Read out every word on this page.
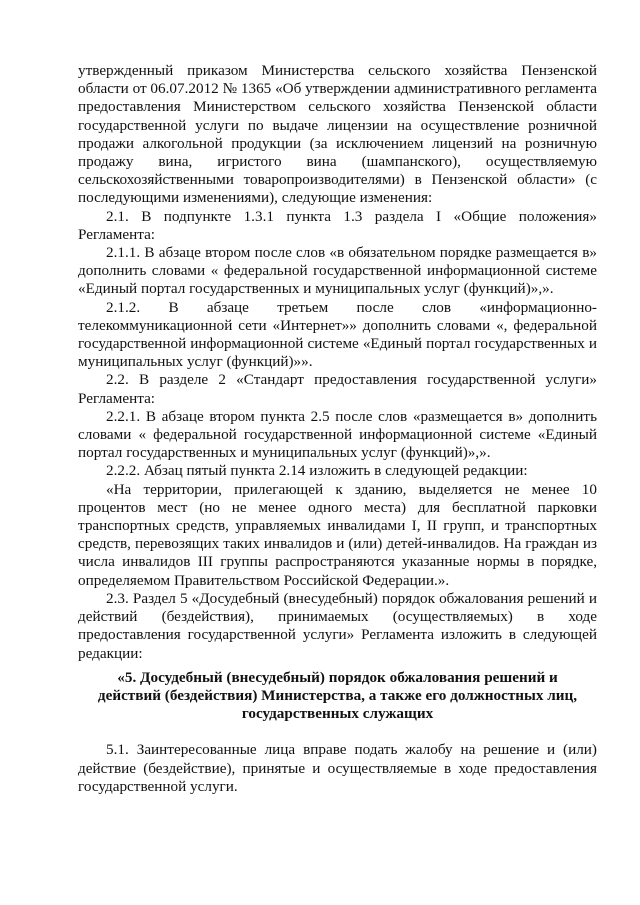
утвержденный приказом Министерства сельского хозяйства Пензенской области от 06.07.2012 № 1365 «Об утверждении административного регламента предоставления Министерством сельского хозяйства Пензенской области государственной услуги по выдаче лицензии на осуществление розничной продажи алкогольной продукции (за исключением лицензий на розничную продажу вина, игристого вина (шампанского), осуществляемую сельскохозяйственными товаропроизводителями) в Пензенской области» (с последующими изменениями), следующие изменения:

2.1. В подпункте 1.3.1 пункта 1.3 раздела I «Общие положения» Регламента:

2.1.1. В абзаце втором после слов «в обязательном порядке размещается в» дополнить словами « федеральной государственной информационной системе «Единый портал государственных и муниципальных услуг (функций)»,».

2.1.2. В абзаце третьем после слов «информационно-телекоммуникационной сети «Интернет»» дополнить словами «, федеральной государственной информационной системе «Единый портал государственных и муниципальных услуг (функций)»».

2.2. В разделе 2 «Стандарт предоставления государственной услуги» Регламента:

2.2.1. В абзаце втором пункта 2.5 после слов «размещается в» дополнить словами « федеральной государственной информационной системе «Единый портал государственных и муниципальных услуг (функций)»,».

2.2.2. Абзац пятый пункта 2.14 изложить в следующей редакции:

«На территории, прилегающей к зданию, выделяется не менее 10 процентов мест (но не менее одного места) для бесплатной парковки транспортных средств, управляемых инвалидами I, II групп, и транспортных средств, перевозящих таких инвалидов и (или) детей-инвалидов. На граждан из числа инвалидов III группы распространяются указанные нормы в порядке, определяемом Правительством Российской Федерации.».

2.3. Раздел 5 «Досудебный (внесудебный) порядок обжалования решений и действий (бездействия), принимаемых (осуществляемых) в ходе предоставления государственной услуги» Регламента изложить в следующей редакции:

«5. Досудебный (внесудебный) порядок обжалования решений и
действий (бездействия) Министерства, а также его должностных лиц,
государственных служащих

5.1. Заинтересованные лица вправе подать жалобу на решение и (или) действие (бездействие), принятые и осуществляемые в ходе предоставления государственной услуги.
